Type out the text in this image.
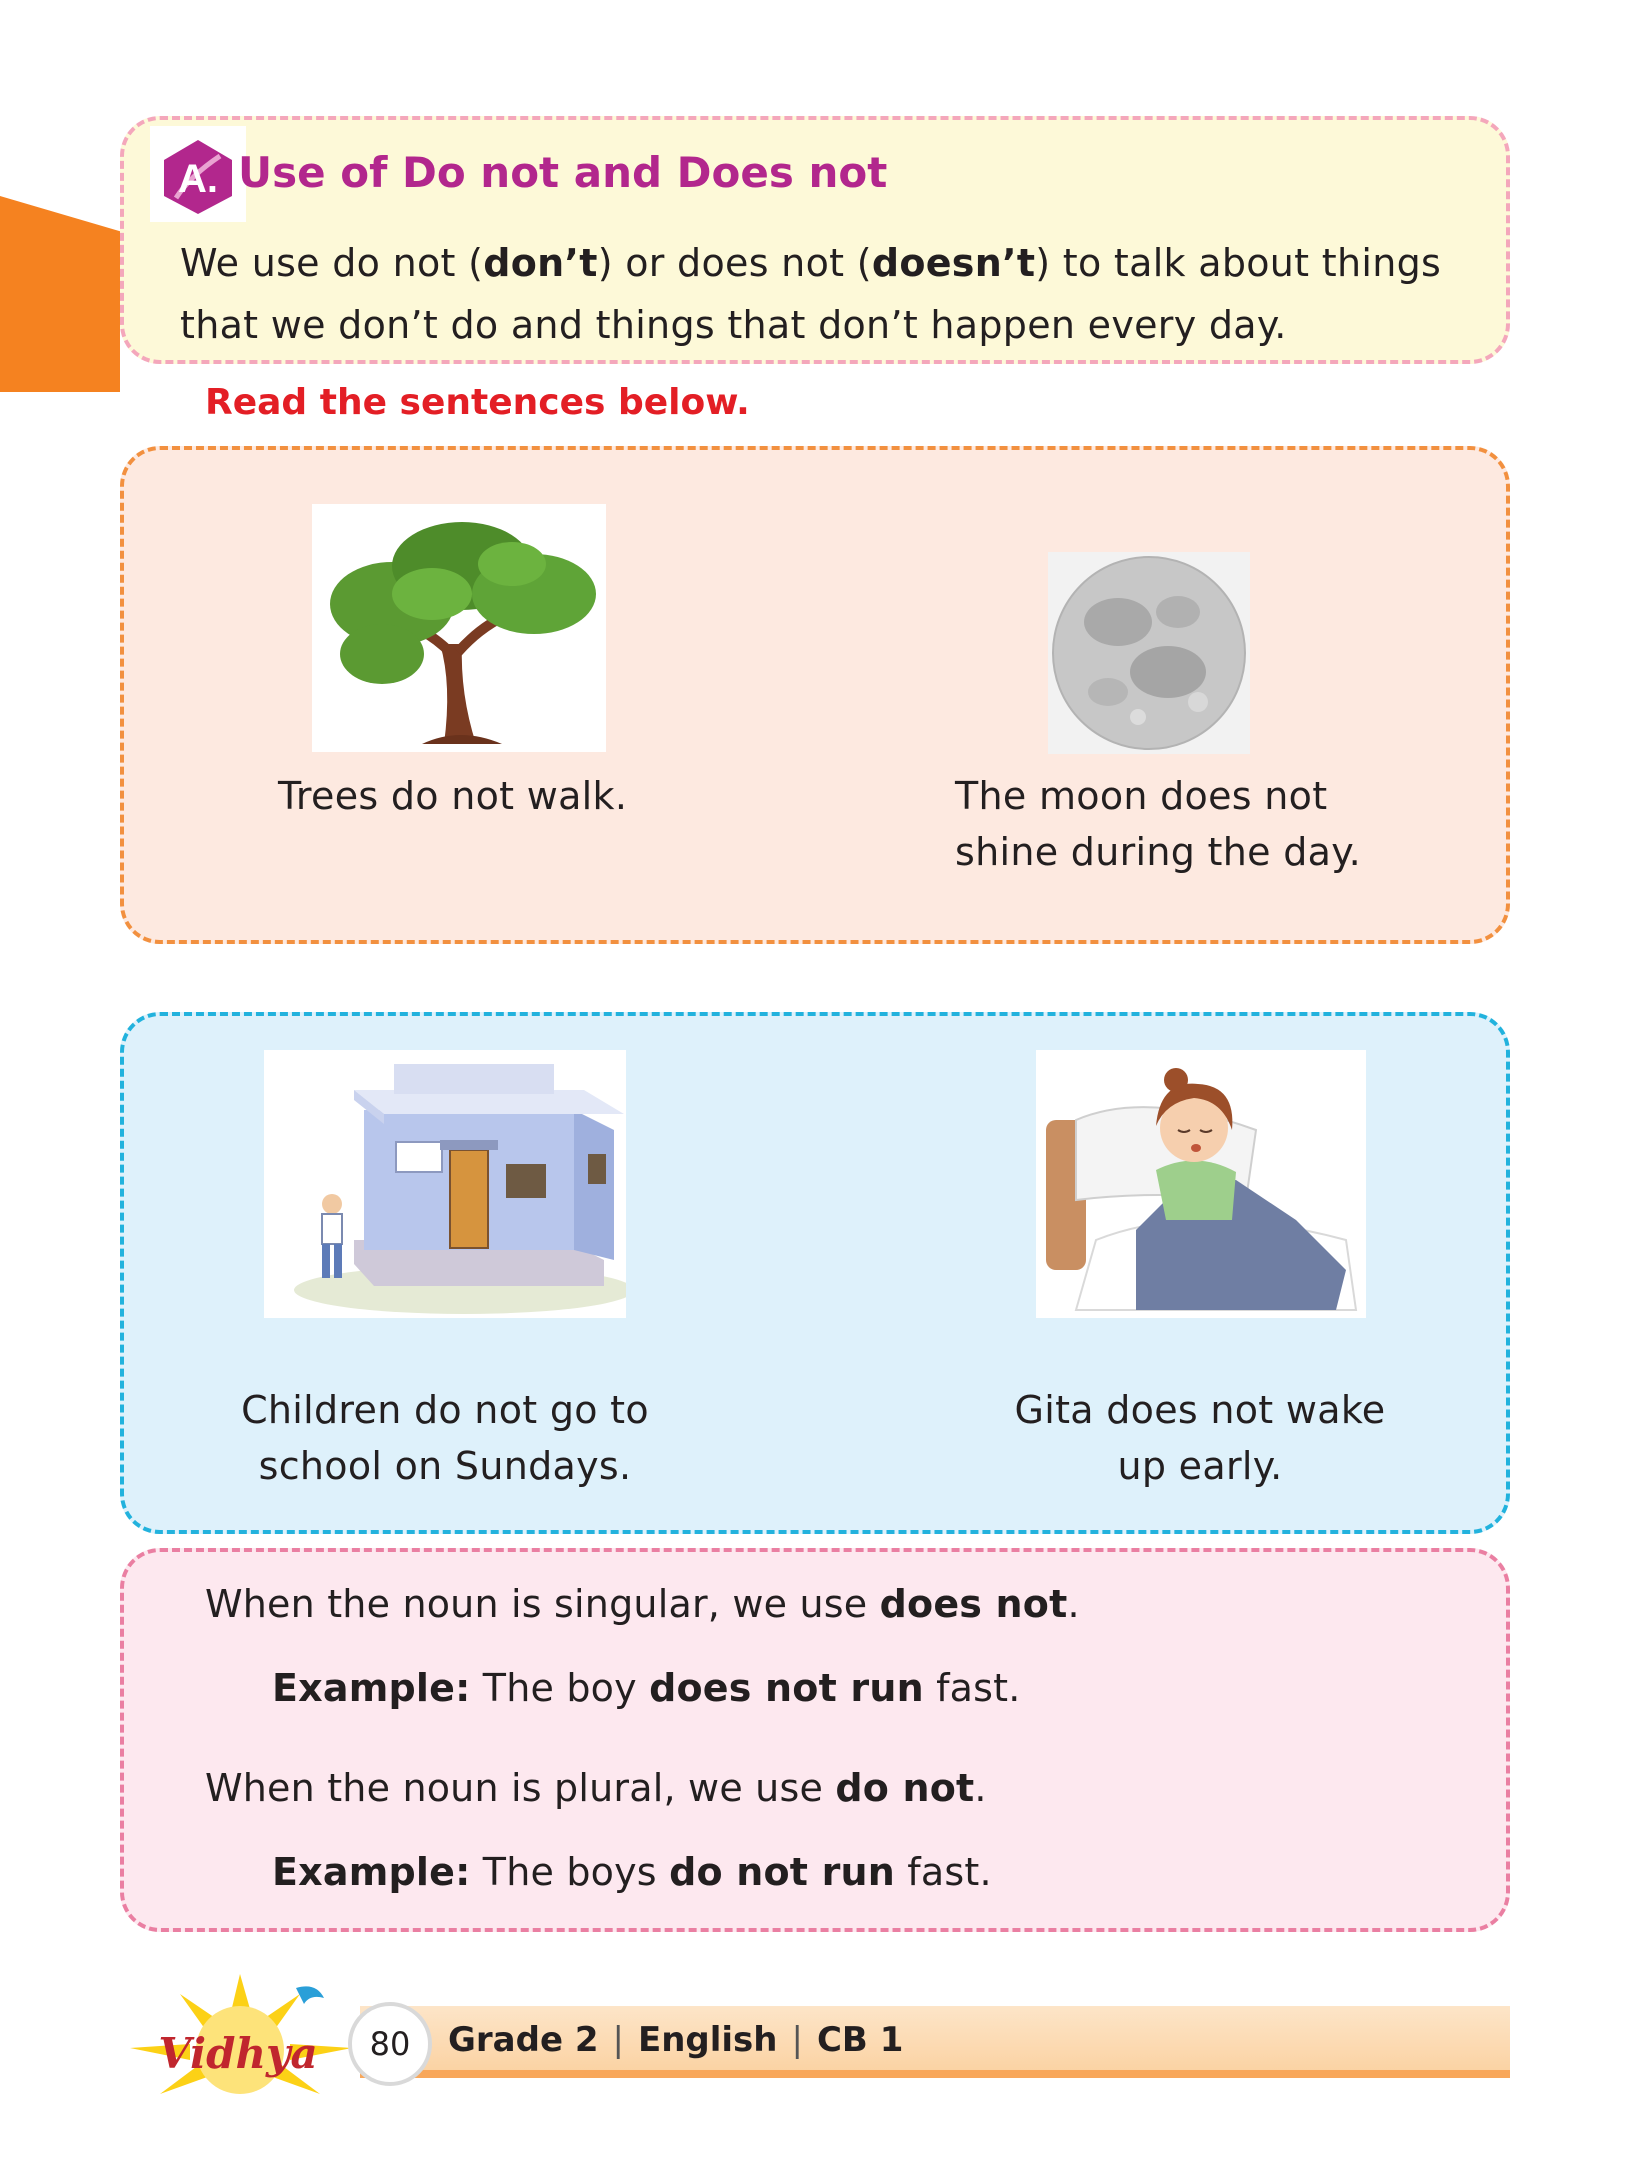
A. Use of Do not and Does not
We use do not (don’t) or does not (doesn’t) to talk about things that we don’t do and things that don’t happen every day.
Read the sentences below.
Trees do not walk.	The moon does not
shine during the day.
Children do not go to
school on Sundays.
Gita does not wake
up early.
When the noun is singular, we use does not.
Example: The boy does not run fast.
When the noun is plural, we use do not.
Example: The boys do not run fast.
Vidhya	80	Grade 2 | English | CB 1
